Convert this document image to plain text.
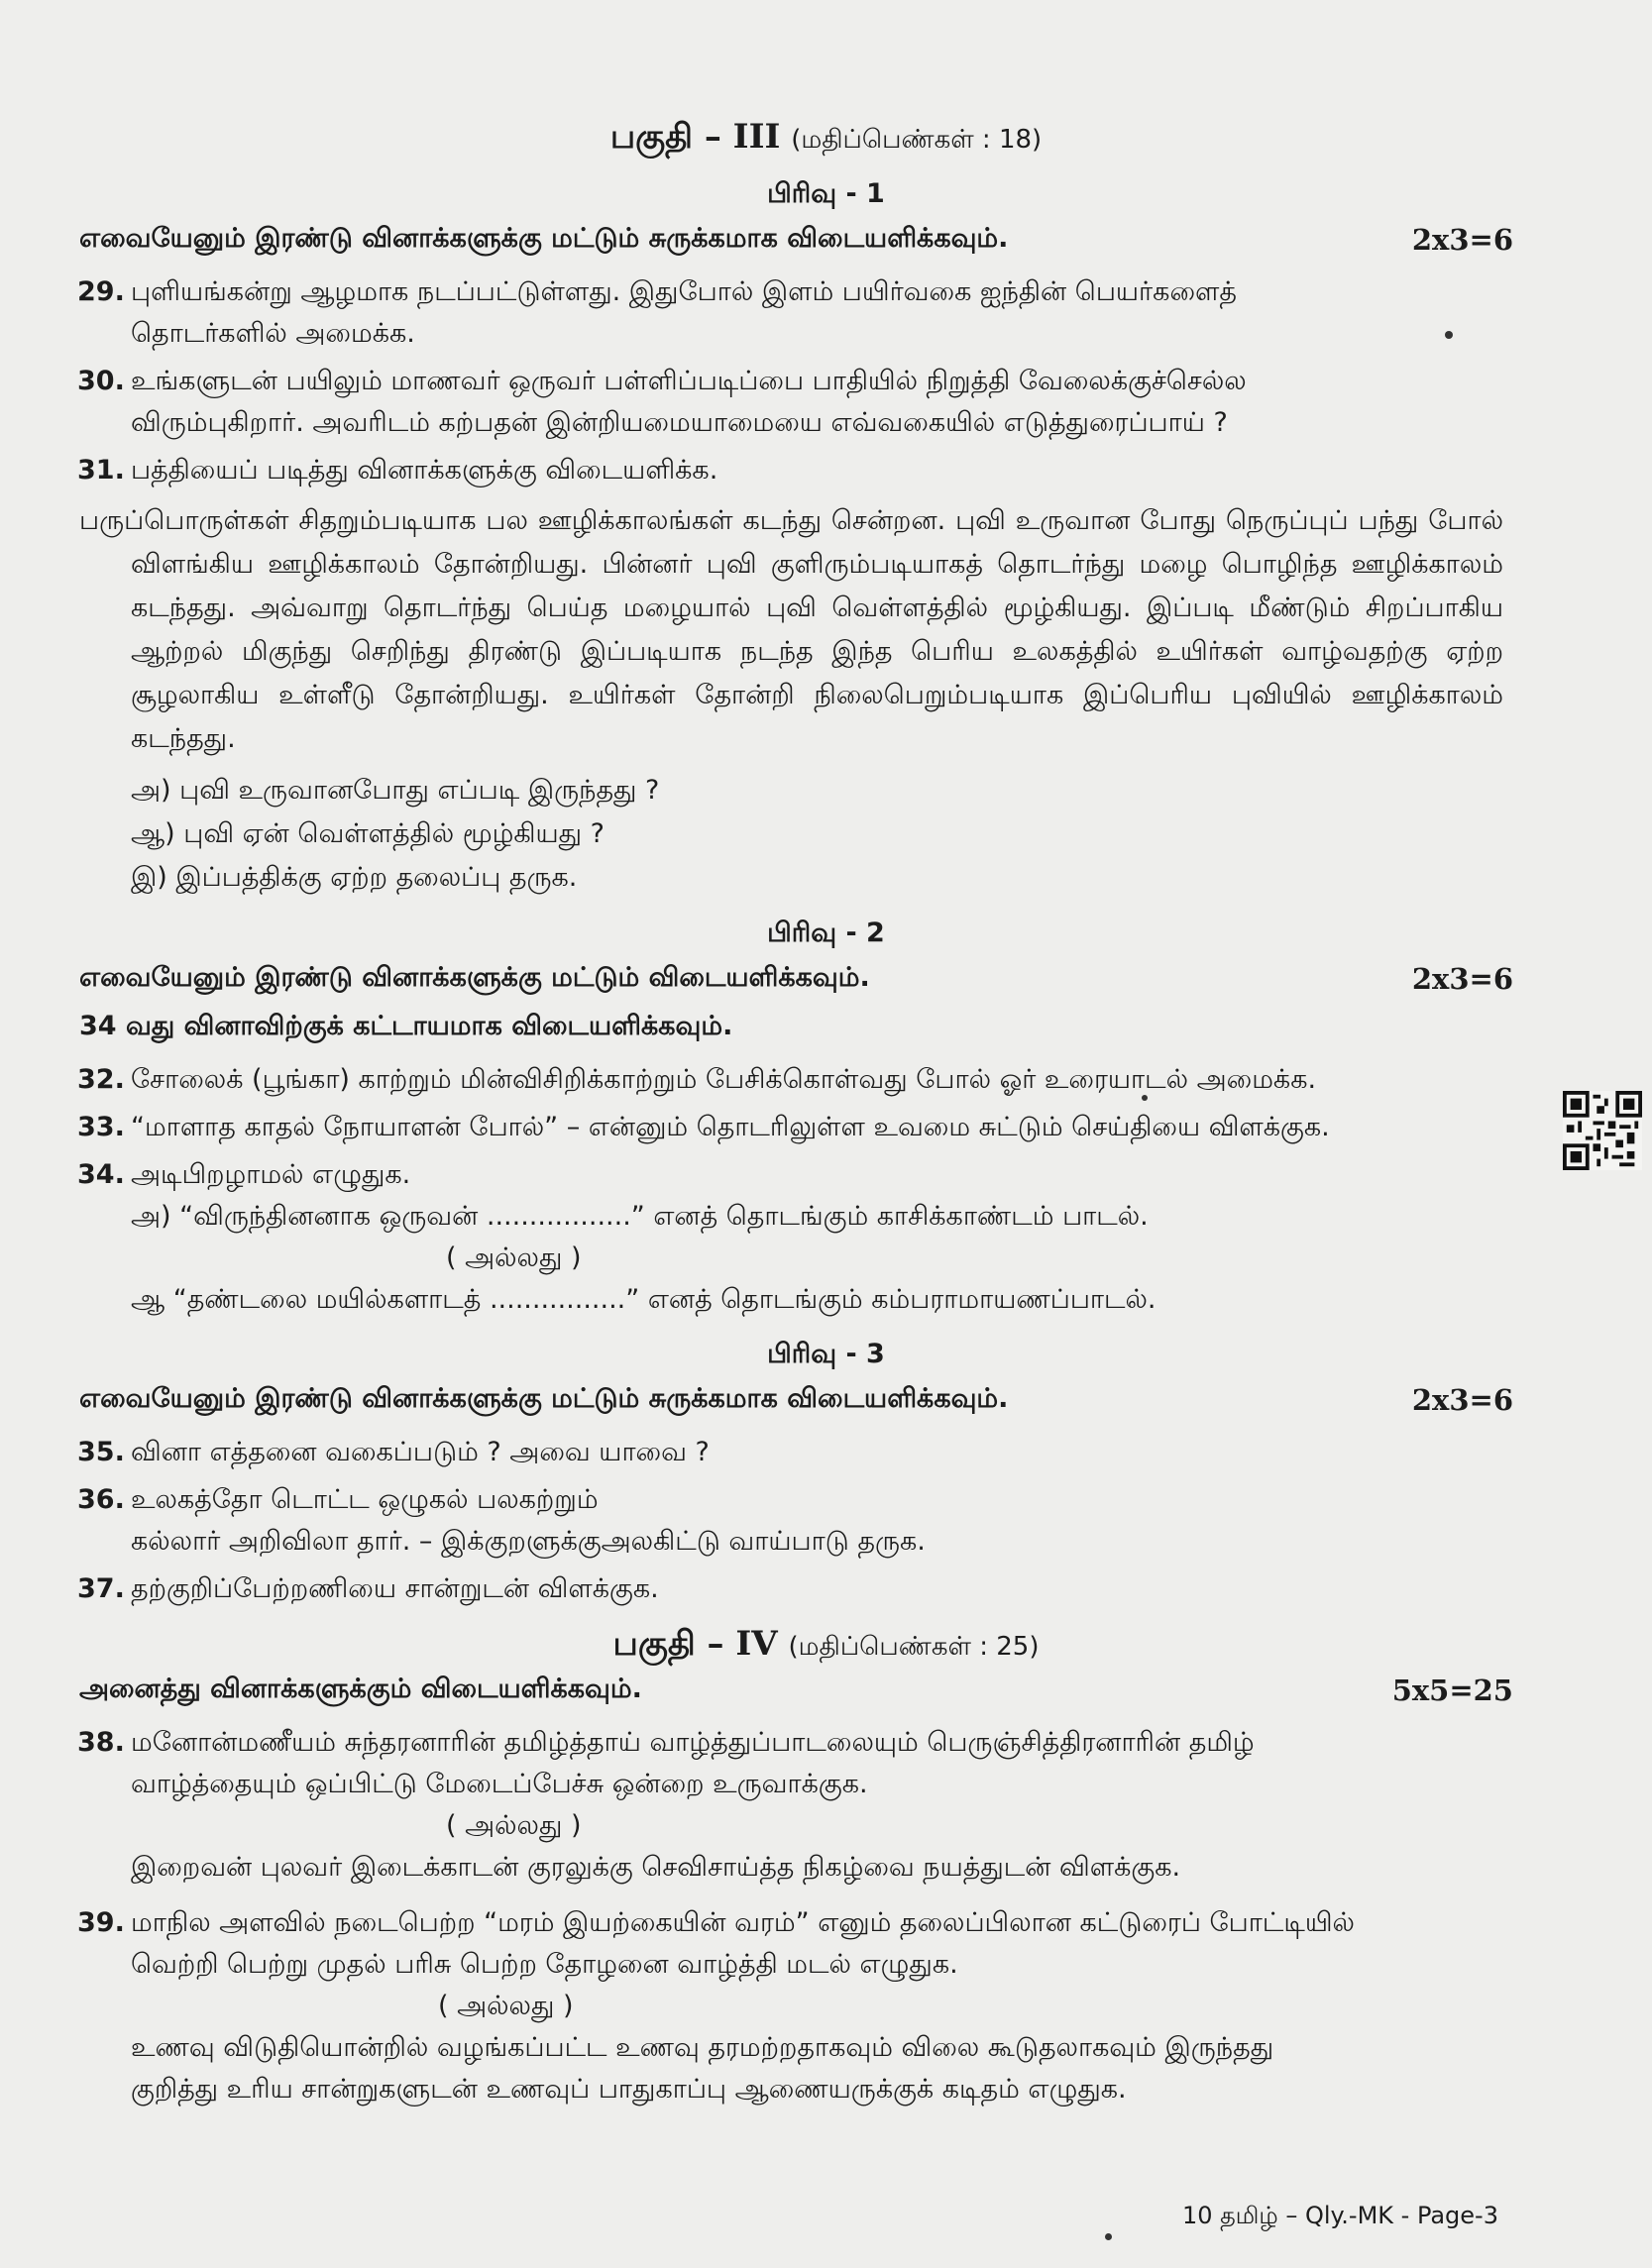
பகுதி – III (மதிப்பெண்கள் : 18)
பிரிவு - 1
எவையேனும் இரண்டு வினாக்களுக்கு மட்டும் சுருக்கமாக விடையளிக்கவும்.	2x3=6
29. புளியங்கன்று ஆழமாக நடப்பட்டுள்ளது. இதுபோல் இளம் பயிர்வகை ஐந்தின் பெயர்களைத்
தொடர்களில் அமைக்க.
30. உங்களுடன் பயிலும் மாணவர் ஒருவர் பள்ளிப்படிப்பை பாதியில் நிறுத்தி வேலைக்குச்செல்ல
விரும்புகிறார். அவரிடம் கற்பதன் இன்றியமையாமையை எவ்வகையில் எடுத்துரைப்பாய் ?
31. பத்தியைப் படித்து வினாக்களுக்கு விடையளிக்க.
பருப்பொருள்கள் சிதறும்படியாக பல ஊழிக்காலங்கள் கடந்து சென்றன. புவி உருவான போது நெருப்புப் பந்து போல் விளங்கிய ஊழிக்காலம் தோன்றியது. பின்னர் புவி குளிரும்படியாகத் தொடர்ந்து மழை பொழிந்த ஊழிக்காலம் கடந்தது. அவ்வாறு தொடர்ந்து பெய்த மழையால் புவி வெள்ளத்தில் மூழ்கியது. இப்படி மீண்டும் சிறப்பாகிய ஆற்றல் மிகுந்து செறிந்து திரண்டு இப்படியாக நடந்த இந்த பெரிய உலகத்தில் உயிர்கள் வாழ்வதற்கு ஏற்ற சூழலாகிய உள்ளீடு தோன்றியது. உயிர்கள் தோன்றி நிலைபெறும்படியாக இப்பெரிய புவியில் ஊழிக்காலம் கடந்தது.
அ) புவி உருவானபோது எப்படி இருந்தது ?
ஆ) புவி ஏன் வெள்ளத்தில் மூழ்கியது ?
இ) இப்பத்திக்கு ஏற்ற தலைப்பு தருக.
பிரிவு - 2
எவையேனும் இரண்டு வினாக்களுக்கு மட்டும் விடையளிக்கவும்.	2x3=6
34 வது வினாவிற்குக் கட்டாயமாக விடையளிக்கவும்.
32. சோலைக் (பூங்கா) காற்றும் மின்விசிறிக்காற்றும் பேசிக்கொள்வது போல் ஓர் உரையாடல் அமைக்க.
33. “மாளாத காதல் நோயாளன் போல்” – என்னும் தொடரிலுள்ள உவமை சுட்டும் செய்தியை விளக்குக.
34. அடிபிறழாமல் எழுதுக.
அ) “விருந்தினனாக ஒருவன் .................” எனத் தொடங்கும் காசிக்காண்டம் பாடல்.
( அல்லது )
ஆ “தண்டலை மயில்களாடத் ................” எனத் தொடங்கும் கம்பராமாயணப்பாடல்.
பிரிவு - 3
எவையேனும் இரண்டு வினாக்களுக்கு மட்டும் சுருக்கமாக விடையளிக்கவும்.	2x3=6
35. வினா எத்தனை வகைப்படும் ? அவை யாவை ?
36. உலகத்தோ டொட்ட ஒழுகல் பலகற்றும்
கல்லார் அறிவிலா தார். – இக்குறளுக்குஅலகிட்டு வாய்பாடு தருக.
37. தற்குறிப்பேற்றணியை சான்றுடன் விளக்குக.
பகுதி – IV (மதிப்பெண்கள் : 25)
அனைத்து வினாக்களுக்கும் விடையளிக்கவும்.	5x5=25
38. மனோன்மணீயம் சுந்தரனாரின் தமிழ்த்தாய் வாழ்த்துப்பாடலையும் பெருஞ்சித்திரனாரின் தமிழ்
வாழ்த்தையும் ஒப்பிட்டு மேடைப்பேச்சு ஒன்றை உருவாக்குக.
( அல்லது )
இறைவன் புலவர் இடைக்காடன் குரலுக்கு செவிசாய்த்த நிகழ்வை நயத்துடன் விளக்குக.
39. மாநில அளவில் நடைபெற்ற “மரம் இயற்கையின் வரம்” எனும் தலைப்பிலான கட்டுரைப் போட்டியில்
வெற்றி பெற்று முதல் பரிசு பெற்ற தோழனை வாழ்த்தி மடல் எழுதுக.
( அல்லது )
உணவு விடுதியொன்றில் வழங்கப்பட்ட உணவு தரமற்றதாகவும் விலை கூடுதலாகவும் இருந்தது
குறித்து உரிய சான்றுகளுடன் உணவுப் பாதுகாப்பு ஆணையருக்குக் கடிதம் எழுதுக.
10 தமிழ் – Qly.-MK - Page-3
